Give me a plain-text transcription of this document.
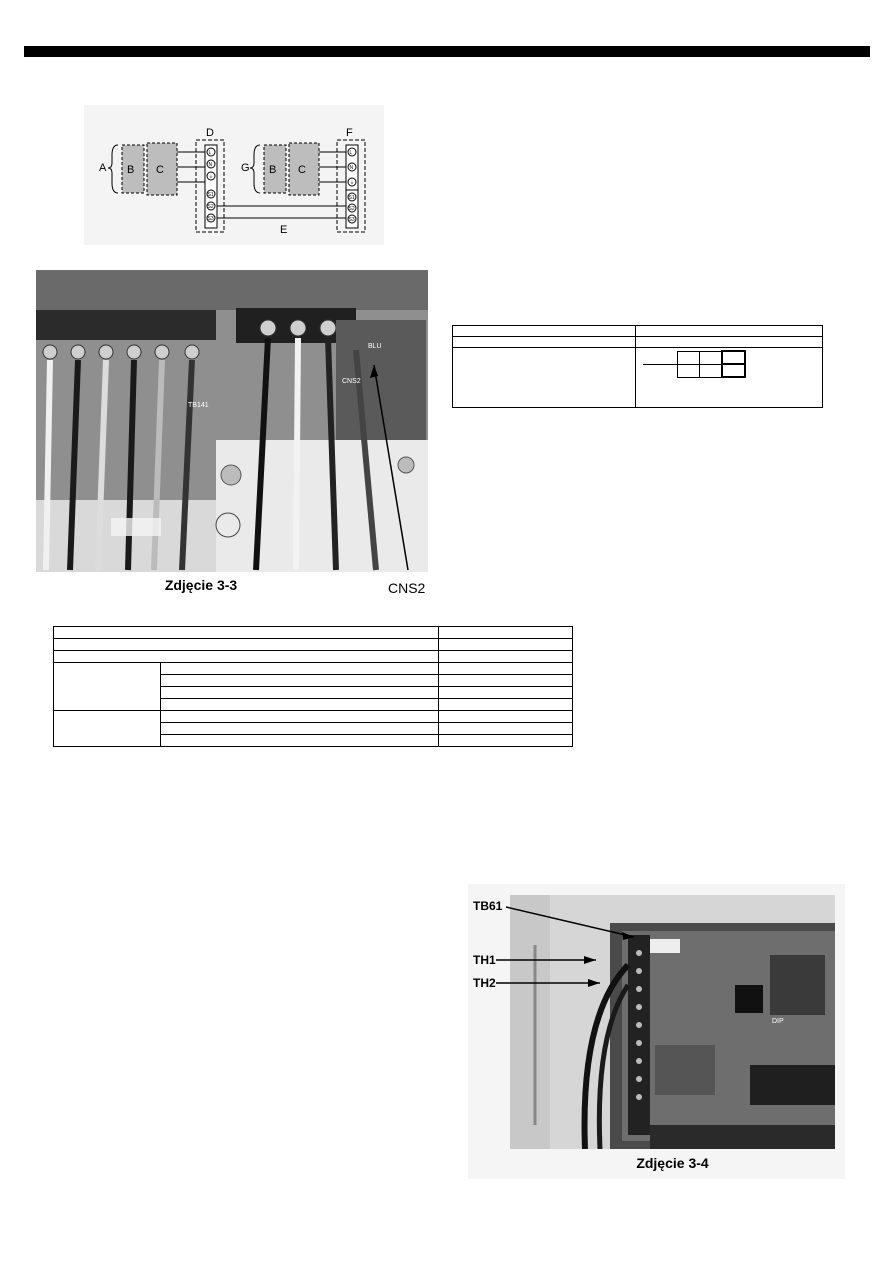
A B C
D
L
N
⏚
S1
S2
S3
E
G B C
F
L
N
⏚
S1
S2
S3
TB141
CNS2
BLU
Zdjęcie 3-3	CNS2

DIP
TB61
TH1
TH2
Zdjęcie 3-4
